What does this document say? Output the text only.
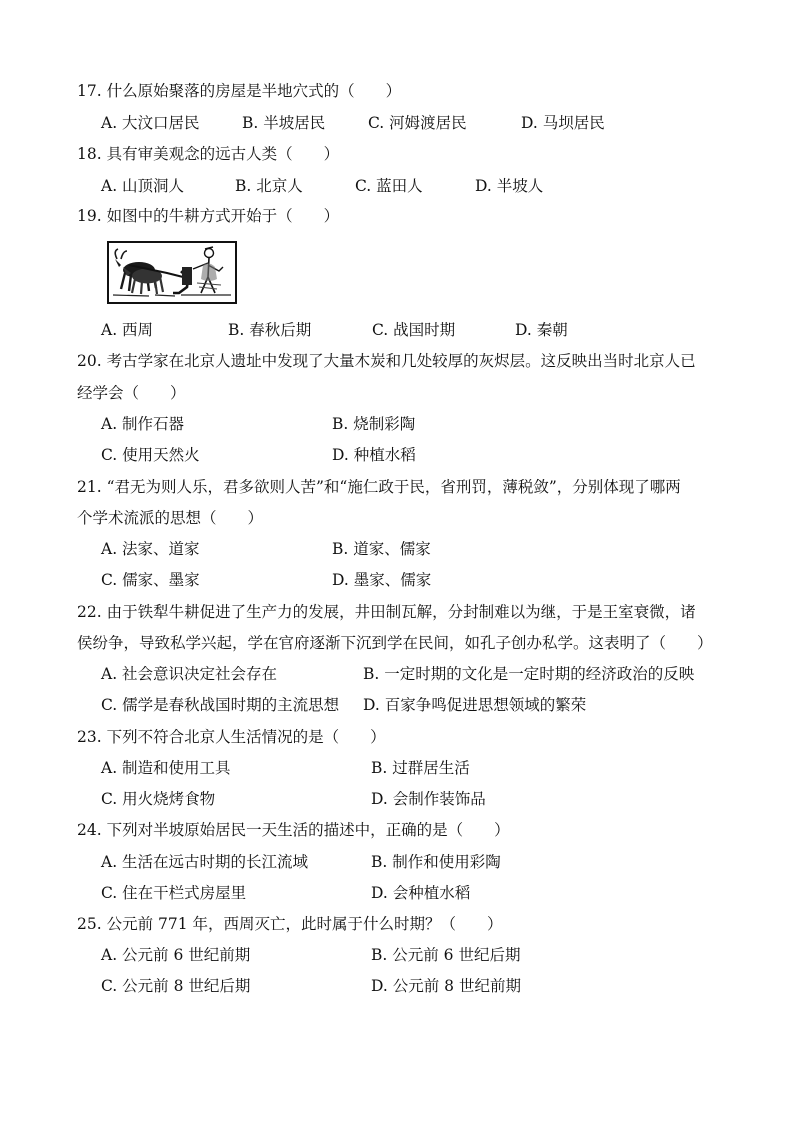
17. 什么原始聚落的房屋是半地穴式的（　　）
A. 大汶口居民	B. 半坡居民	C. 河姆渡居民	D. 马坝居民
18. 具有审美观念的远古人类（　　）
A. 山顶洞人	B. 北京人	C. 蓝田人	D. 半坡人
19. 如图中的牛耕方式开始于（　　）
A. 西周	B. 春秋后期	C. 战国时期	D. 秦朝
20. 考古学家在北京人遗址中发现了大量木炭和几处较厚的灰烬层。这反映出当时北京人已
经学会（　　）
A. 制作石器	B. 烧制彩陶
C. 使用天然火	D. 种植水稻
21. “君无为则人乐，君多欲则人苦”和“施仁政于民，省刑罚，薄税敛”，分别体现了哪两
个学术流派的思想（　　）
A. 法家、道家	B. 道家、儒家
C. 儒家、墨家	D. 墨家、儒家
22. 由于铁犁牛耕促进了生产力的发展，井田制瓦解，分封制难以为继，于是王室衰微，诸
侯纷争，导致私学兴起，学在官府逐渐下沉到学在民间，如孔子创办私学。这表明了（　　）
A. 社会意识决定社会存在	B. 一定时期的文化是一定时期的经济政治的反映
C. 儒学是春秋战国时期的主流思想 D. 百家争鸣促进思想领域的繁荣
23. 下列不符合北京人生活情况的是（　　）
A. 制造和使用工具	B. 过群居生活
C. 用火烧烤食物	D. 会制作装饰品
24. 下列对半坡原始居民一天生活的描述中，正确的是（　　）
A. 生活在远古时期的长江流域	B. 制作和使用彩陶
C. 住在干栏式房屋里	D. 会种植水稻
25. 公元前 771 年，西周灭亡，此时属于什么时期？（　　）
A. 公元前 6 世纪前期	B. 公元前 6 世纪后期
C. 公元前 8 世纪后期	D. 公元前 8 世纪前期
